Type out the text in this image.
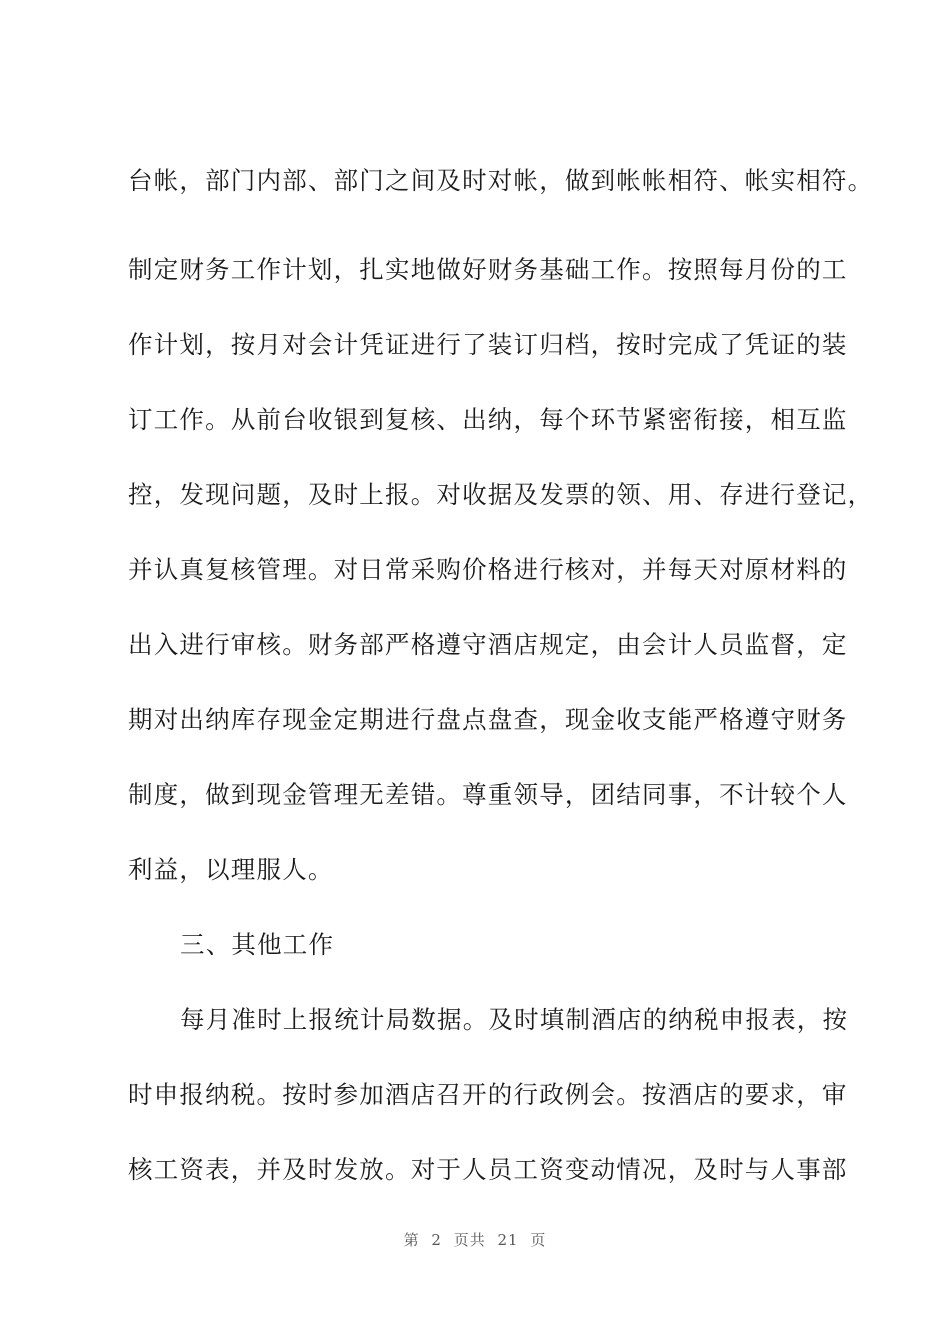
台帐，部门内部、部门之间及时对帐，做到帐帐相符、帐实相符。
制定财务工作计划，扎实地做好财务基础工作。按照每月份的工
作计划，按月对会计凭证进行了装订归档，按时完成了凭证的装
订工作。从前台收银到复核、出纳，每个环节紧密衔接，相互监
控，发现问题，及时上报。对收据及发票的领、用、存进行登记，
并认真复核管理。对日常采购价格进行核对，并每天对原材料的
出入进行审核。财务部严格遵守酒店规定，由会计人员监督，定
期对出纳库存现金定期进行盘点盘查，现金收支能严格遵守财务
制度，做到现金管理无差错。尊重领导，团结同事，不计较个人
利益，以理服人。
三、其他工作
每月准时上报统计局数据。及时填制酒店的纳税申报表，按
时申报纳税。按时参加酒店召开的行政例会。按酒店的要求，审
核工资表，并及时发放。对于人员工资变动情况，及时与人事部
第 2 页共 21 页
